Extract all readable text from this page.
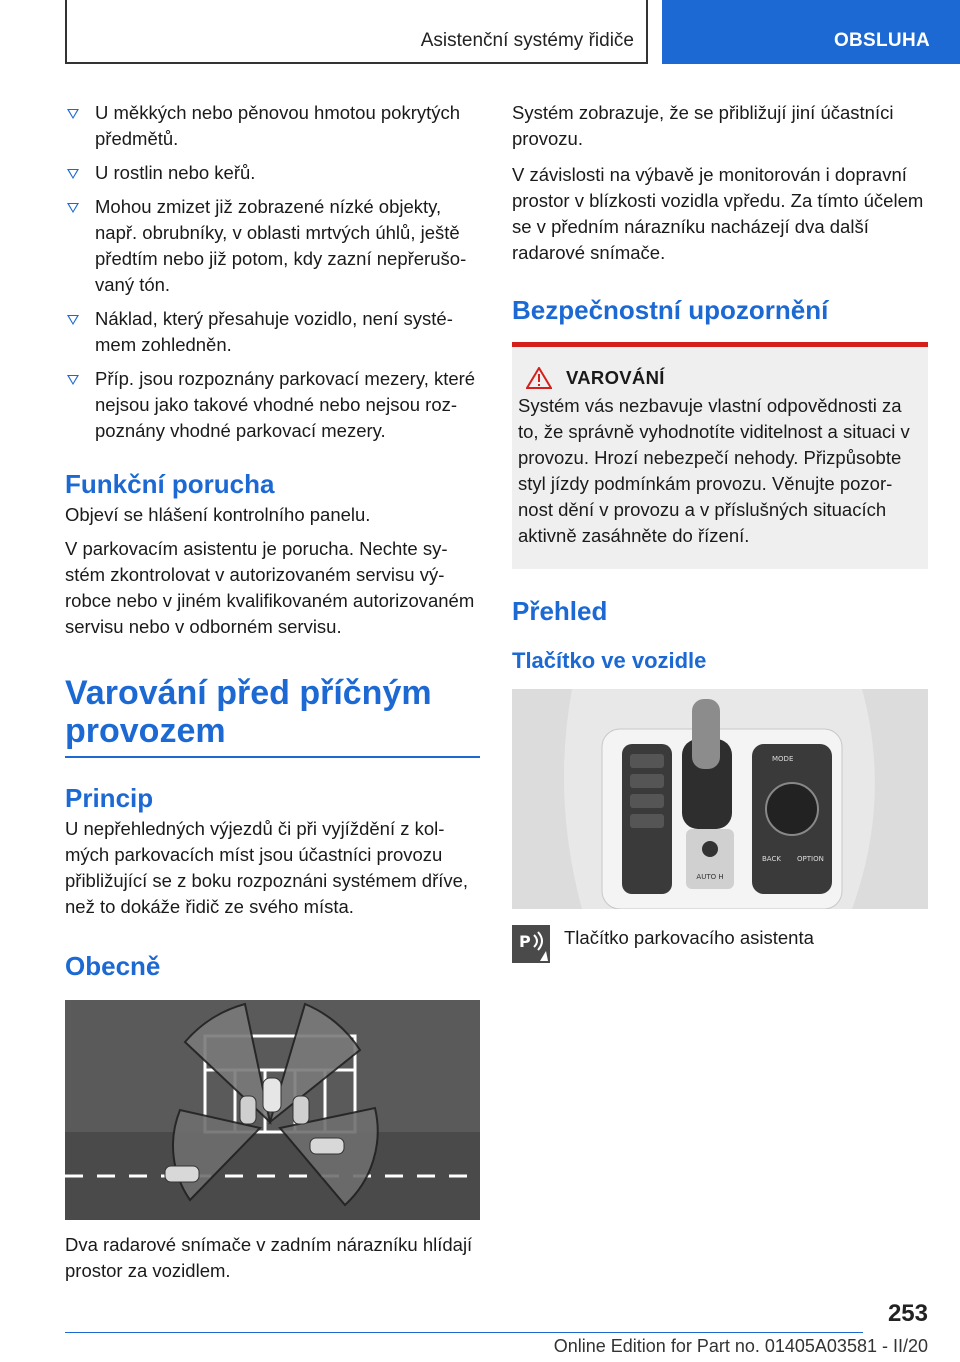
Asistenční systémy řidiče	OBSLUHA
U měkkých nebo pěnovou hmotou pokrytých předmětů.
U rostlin nebo keřů.
Mohou zmizet již zobrazené nízké objekty, např. obrubníky, v oblasti mrtvých úhlů, ještě předtím nebo již potom, kdy zazní nepřerušovaný tón.
Náklad, který přesahuje vozidlo, není systémem zohledněn.
Příp. jsou rozpoznány parkovací mezery, které nejsou jako takové vhodné nebo nejsou rozpoznány vhodné parkovací mezery.
Funkční porucha

Objeví se hlášení kontrolního panelu.

V parkovacím asistentu je porucha. Nechte systém zkontrolovat v autorizovaném servisu výrobce nebo v jiném kvalifikovaném autorizovaném servisu nebo v odborném servisu.

Varování před příčným provozem
Princip

U nepřehledných výjezdů či při vyjíždění z kolmých parkovacích míst jsou účastníci provozu přibližující se z boku rozpoznáni systémem dříve, než to dokáže řidič ze svého místa.

Obecně

Dva radarové snímače v zadním nárazníku hlídají prostor za vozidlem.

Systém zobrazuje, že se přibližují jiní účastníci provozu.

V závislosti na výbavě je monitorován i dopravní prostor v blízkosti vozidla vpředu. Za tímto účelem se v předním nárazníku nacházejí dva další radarové snímače.

Bezpečnostní upozornění
VAROVÁNÍ

Systém vás nezbavuje vlastní odpovědnosti za to, že správně vyhodnotíte viditelnost a situaci v provozu. Hrozí nebezpečí nehody. Přizpůsobte styl jízdy podmínkám provozu. Věnujte pozornost dění v provozu a v příslušných situacích aktivně zasáhněte do řízení.

Přehled
Tlačítko ve vozidle
AUTO H
MODE
BACK OPTION
P Tlačítko parkovacího asistenta

253
Online Edition for Part no. 01405A03581 - II/20
